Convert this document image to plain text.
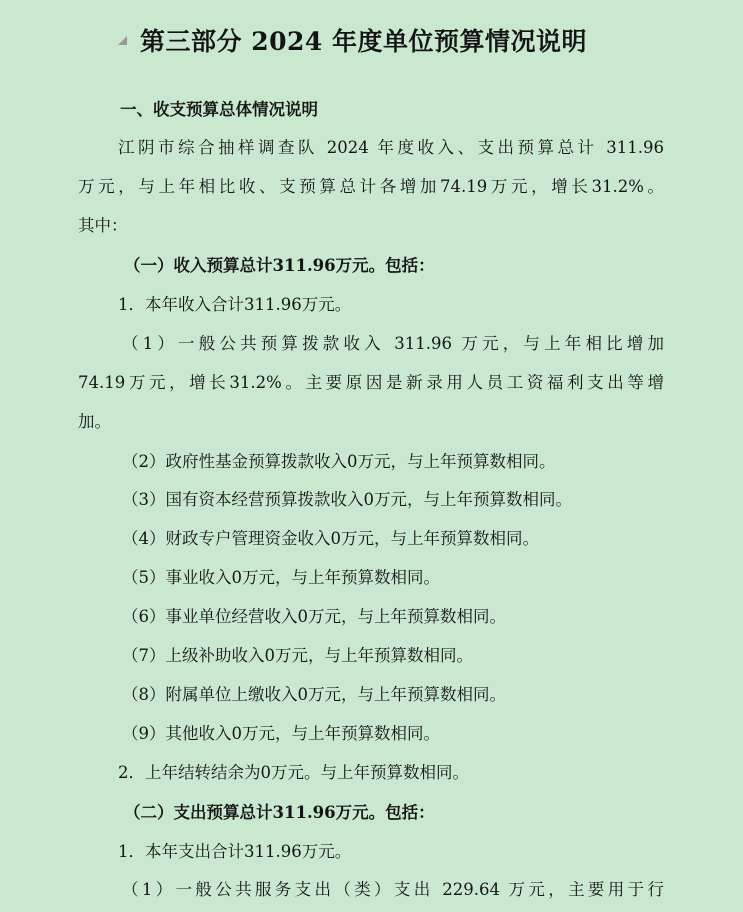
第三部分 2024 年度单位预算情况说明

一、收支预算总体情况说明

江阴市综合抽样调查队 2024 年度收入、支出预算总计 311.96

万元，与上年相比收、支预算总计各增加74.19万元，增长31.2%。

其中：

（一）收入预算总计311.96万元。包括：

1．本年收入合计311.96万元。

（1）一般公共预算拨款收入 311.96 万元，与上年相比增加

74.19万元，增长31.2%。主要原因是新录用人员工资福利支出等增

加。

（2）政府性基金预算拨款收入0万元，与上年预算数相同。

（3）国有资本经营预算拨款收入0万元，与上年预算数相同。

（4）财政专户管理资金收入0万元，与上年预算数相同。

（5）事业收入0万元，与上年预算数相同。

（6）事业单位经营收入0万元，与上年预算数相同。

（7）上级补助收入0万元，与上年预算数相同。

（8）附属单位上缴收入0万元，与上年预算数相同。

（9）其他收入0万元，与上年预算数相同。

2．上年结转结余为0万元。与上年预算数相同。

（二）支出预算总计311.96万元。包括：

1．本年支出合计311.96万元。

（1）一般公共服务支出（类）支出 229.64 万元，主要用于行
